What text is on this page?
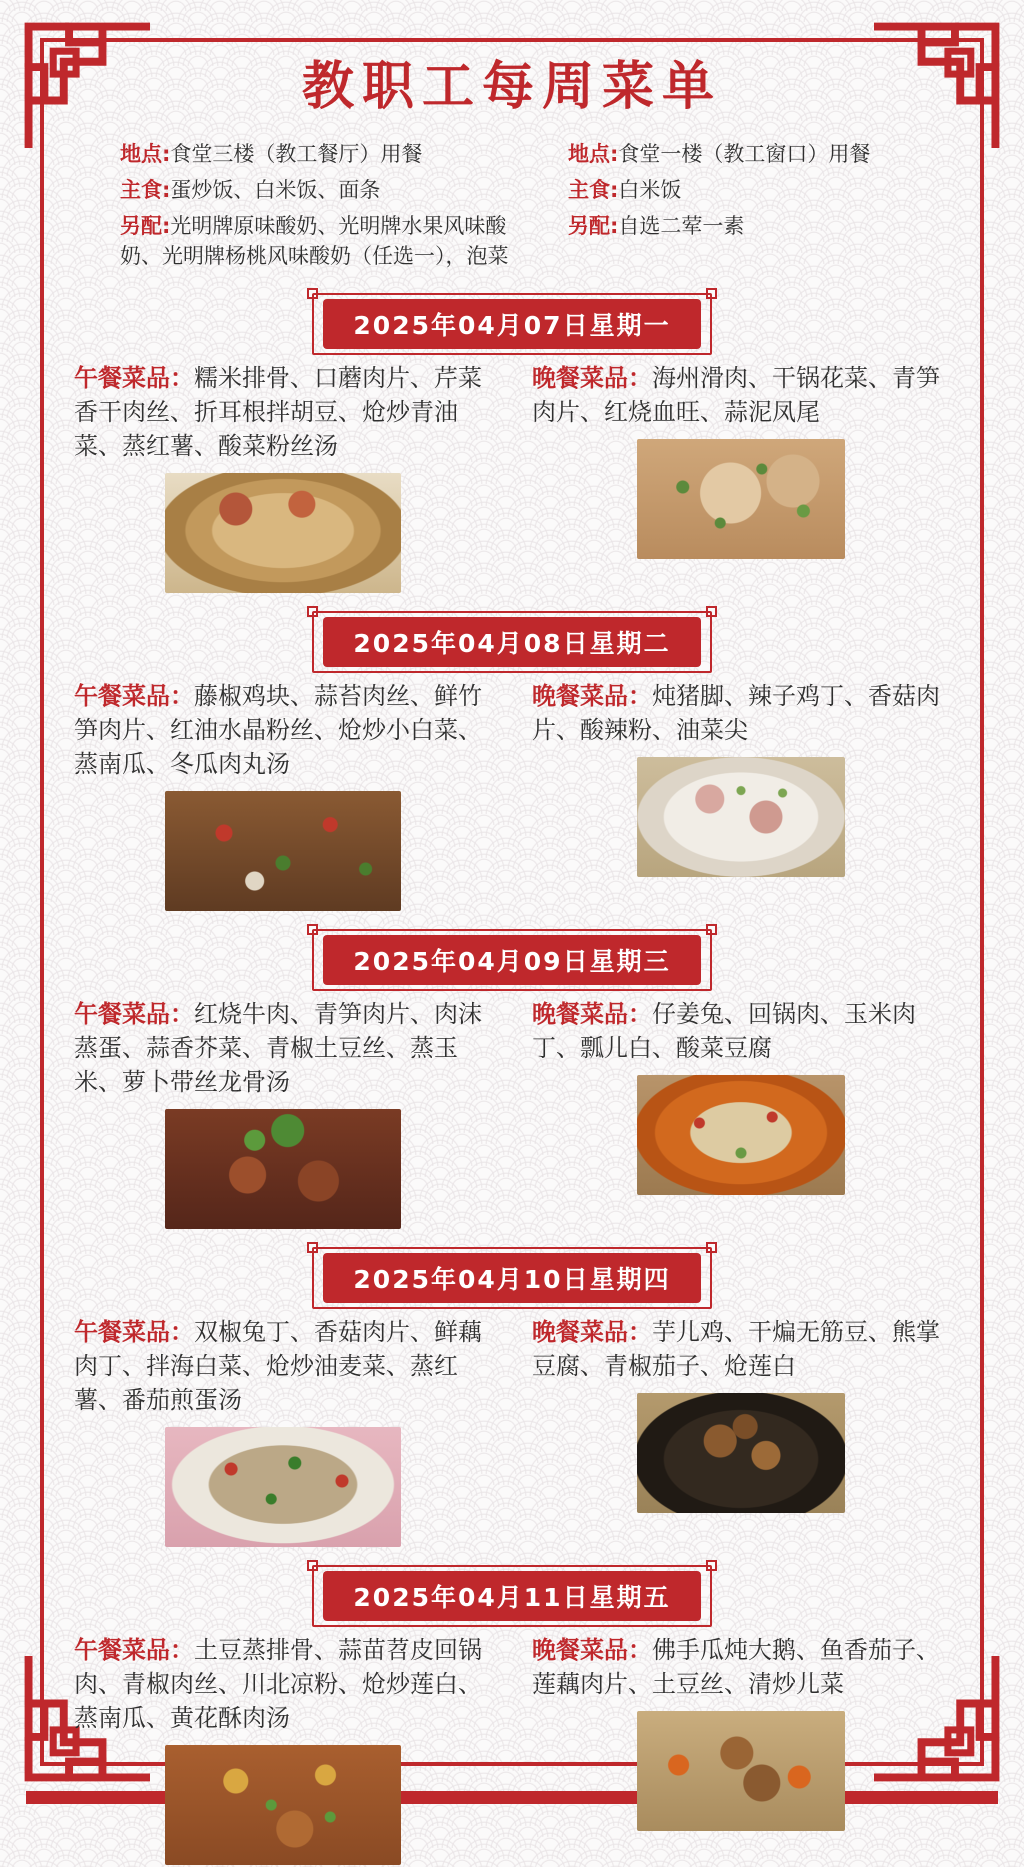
教职工每周菜单
地点:食堂三楼（教工餐厅）用餐
主食:蛋炒饭、白米饭、面条
另配:光明牌原味酸奶、光明牌水果风味酸奶、光明牌杨桃风味酸奶（任选一），泡菜
地点:食堂一楼（教工窗口）用餐
主食:白米饭
另配:自选二荤一素
2025年04月07日星期一

午餐菜品：糯米排骨、口蘑肉片、芹菜香干肉丝、折耳根拌胡豆、炝炒青油菜、蒸红薯、酸菜粉丝汤

晚餐菜品：海州滑肉、干锅花菜、青笋肉片、红烧血旺、蒜泥凤尾

2025年04月08日星期二

午餐菜品：藤椒鸡块、蒜苔肉丝、鲜竹笋肉片、红油水晶粉丝、炝炒小白菜、蒸南瓜、冬瓜肉丸汤

晚餐菜品：炖猪脚、辣子鸡丁、香菇肉片、酸辣粉、油菜尖

2025年04月09日星期三

午餐菜品：红烧牛肉、青笋肉片、肉沫蒸蛋、蒜香芥菜、青椒土豆丝、蒸玉米、萝卜带丝龙骨汤

晚餐菜品：仔姜兔、回锅肉、玉米肉丁、瓢儿白、酸菜豆腐

2025年04月10日星期四

午餐菜品：双椒兔丁、香菇肉片、鲜藕肉丁、拌海白菜、炝炒油麦菜、蒸红薯、番茄煎蛋汤

晚餐菜品：芋儿鸡、干煸无筋豆、熊掌豆腐、青椒茄子、炝莲白

2025年04月11日星期五

午餐菜品：土豆蒸排骨、蒜苗苕皮回锅肉、青椒肉丝、川北凉粉、炝炒莲白、蒸南瓜、黄花酥肉汤

晚餐菜品：佛手瓜炖大鹅、鱼香茄子、莲藕肉片、土豆丝、清炒儿菜
